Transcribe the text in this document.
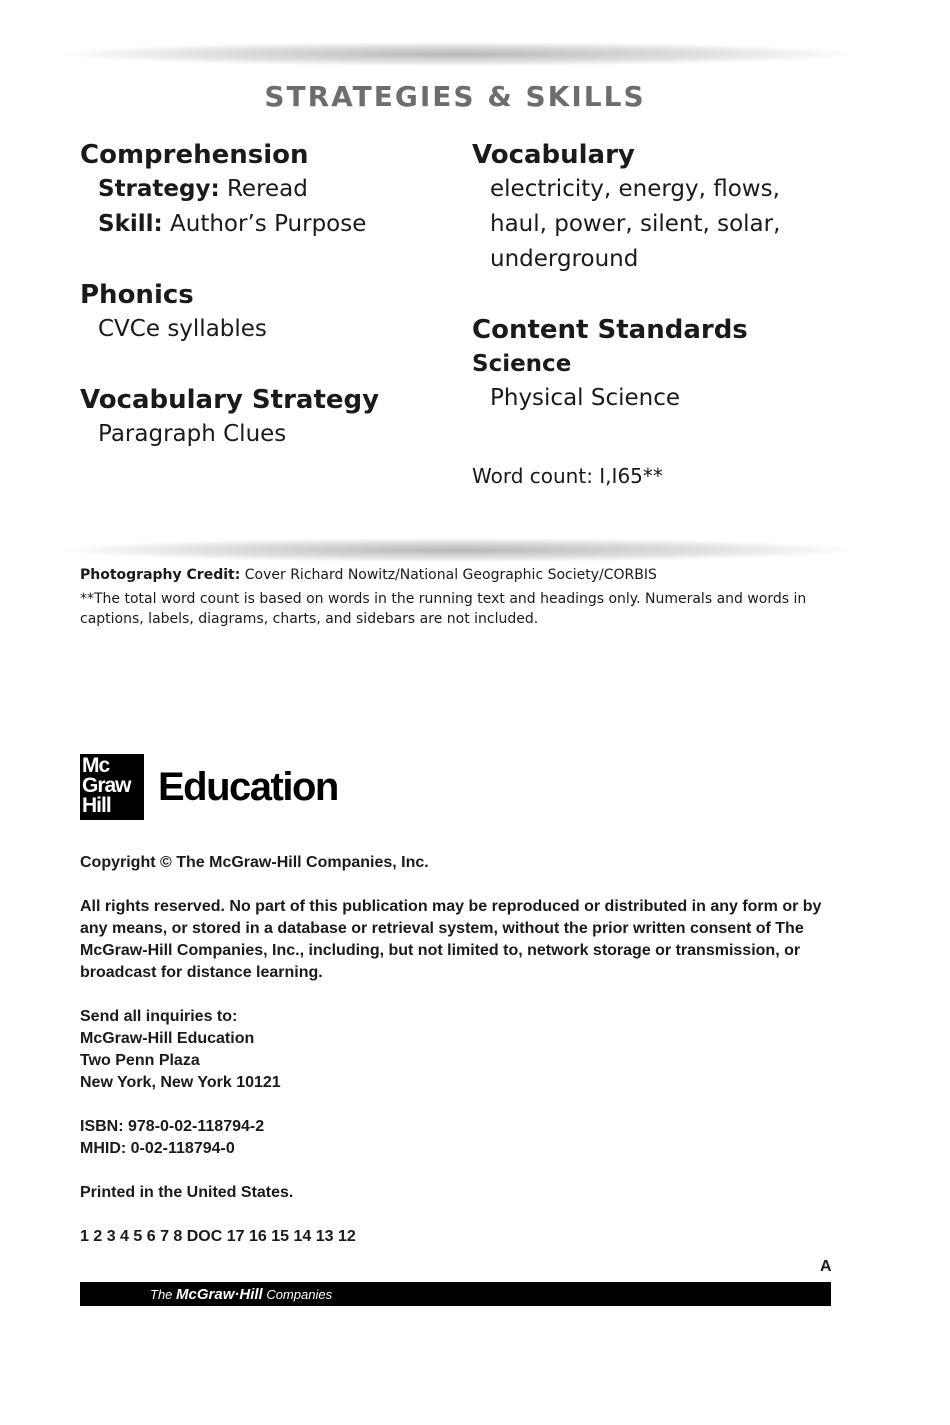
STRATEGIES & SKILLS

Comprehension

Strategy: Reread

Skill: Author’s Purpose

Phonics

CVCe syllables

Vocabulary Strategy

Paragraph Clues

Vocabulary

electricity, energy, flows,

haul, power, silent, solar,

underground

Content Standards

Science

Physical Science

Word count: I,I65**

Photography Credit: Cover Richard Nowitz/National Geographic Society/CORBIS

**The total word count is based on words in the running text and headings only. Numerals and words in captions, labels, diagrams, charts, and sidebars are not included.

Mc
Graw
Hill	Education

Copyright © The McGraw-Hill Companies, Inc.

All rights reserved. No part of this publication may be reproduced or distributed in any form or by any means, or stored in a database or retrieval system, without the prior written consent of The McGraw-Hill Companies, Inc., including, but not limited to, network storage or transmission, or broadcast for distance learning.

Send all inquiries to:
McGraw-Hill Education
Two Penn Plaza
New York, New York 10121

ISBN: 978-0-02-118794-2
MHID: 0-02-118794-0

Printed in the United States.

1 2 3 4 5 6 7 8 DOC 17 16 15 14 13 12

A
The McGraw·Hill Companies
